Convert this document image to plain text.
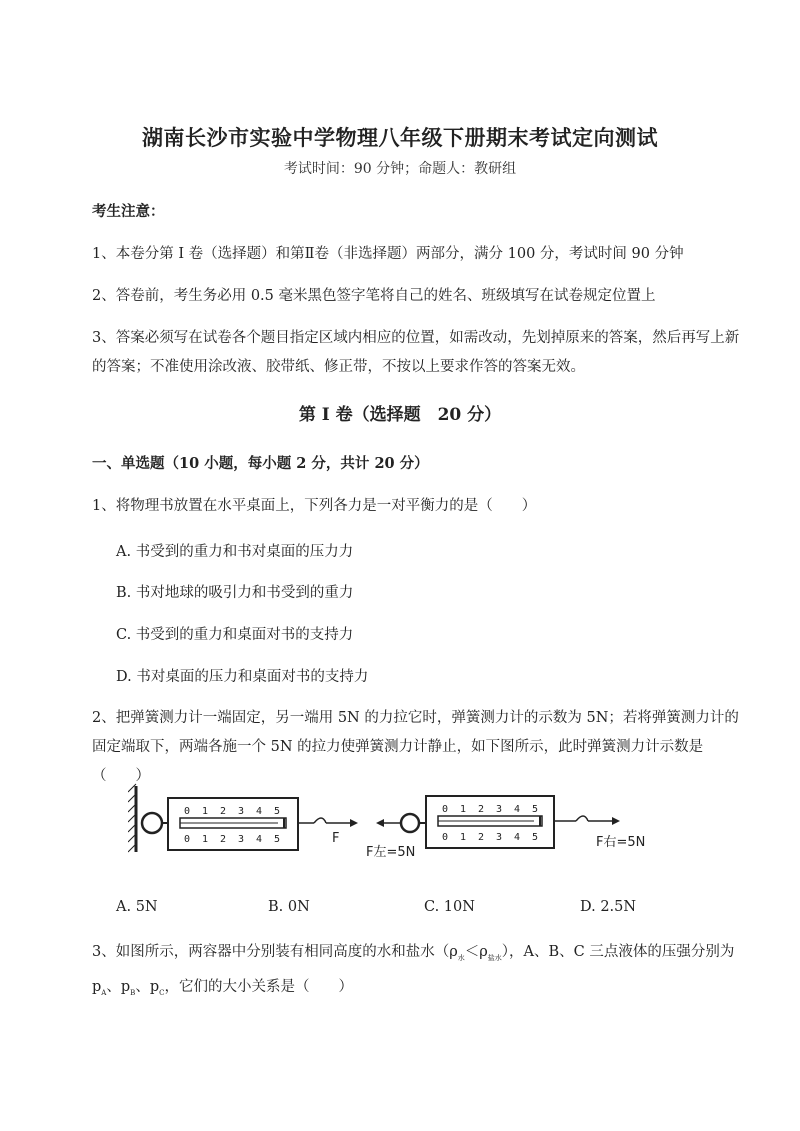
湖南长沙市实验中学物理八年级下册期末考试定向测试
考试时间：90 分钟；命题人：教研组
考生注意：
1、本卷分第 I 卷（选择题）和第Ⅱ卷（非选择题）两部分，满分 100 分，考试时间 90 分钟
2、答卷前，考生务必用 0.5 毫米黑色签字笔将自己的姓名、班级填写在试卷规定位置上
3、答案必须写在试卷各个题目指定区域内相应的位置，如需改动，先划掉原来的答案，然后再写上新的答案；不准使用涂改液、胶带纸、修正带，不按以上要求作答的答案无效。
第 I 卷（选择题　20 分）
一、单选题（10 小题，每小题 2 分，共计 20 分）
1、将物理书放置在水平桌面上，下列各力是一对平衡力的是（　　）
A. 书受到的重力和书对桌面的压力力
B. 书对地球的吸引力和书受到的重力
C. 书受到的重力和桌面对书的支持力
D. 书对桌面的压力和桌面对书的支持力
2、把弹簧测力计一端固定，另一端用 5N 的力拉它时，弹簧测力计的示数为 5N；若将弹簧测力计的固定端取下，两端各施一个 5N 的拉力使弹簧测力计静止，如下图所示，此时弹簧测力计示数是（　　）
0 1 2 3 4 5
0 1 2 3 4 5	F
0 1 2 3 4 5
0 1 2 3 4 5
F左=5N
F右=5N
A. 5N	B. 0N	C. 10N	D. 2.5N
3、如图所示，两容器中分别装有相同高度的水和盐水$(\rho_水<\rho_{盐水})$，A、B、C 三点液体的压强分别为
$p_A$、$p_B$、$p_C$，它们的大小关系是（　　）
